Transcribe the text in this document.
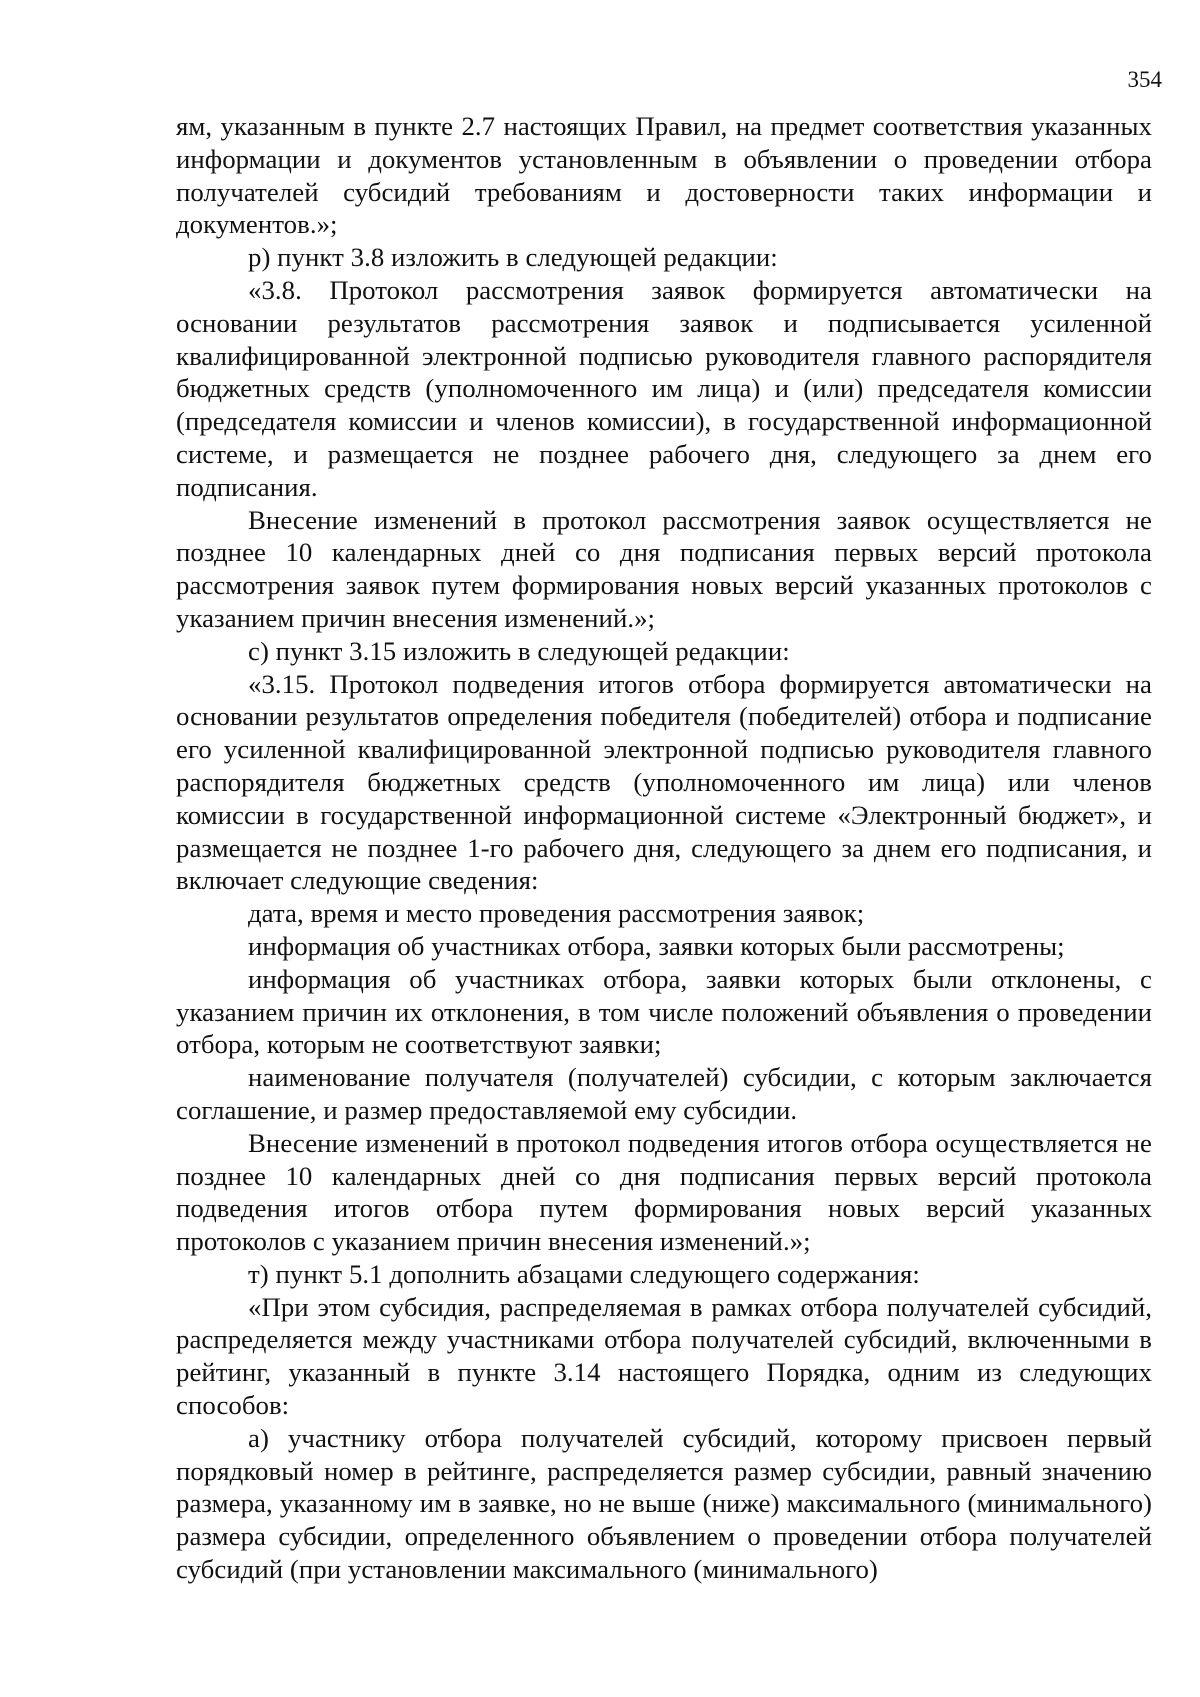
354

ям, указанным в пункте 2.7 настоящих Правил, на предмет соответствия указанных информации и документов установленным в объявлении о проведении отбора получателей субсидий требованиям и достоверности таких информации и документов.»;

р) пункт 3.8 изложить в следующей редакции:

«3.8. Протокол рассмотрения заявок формируется автоматически на основании результатов рассмотрения заявок и подписывается усиленной квалифицированной электронной подписью руководителя главного распорядителя бюджетных средств (уполномоченного им лица) и (или) председателя комиссии (председателя комиссии и членов комиссии), в государственной информационной системе, и размещается не позднее рабочего дня, следующего за днем его подписания.

Внесение изменений в протокол рассмотрения заявок осуществляется не позднее 10 календарных дней со дня подписания первых версий протокола рассмотрения заявок путем формирования новых версий указанных протоколов с указанием причин внесения изменений.»;

с) пункт 3.15 изложить в следующей редакции:

«3.15. Протокол подведения итогов отбора формируется автоматически на основании результатов определения победителя (победителей) отбора и подписание его усиленной квалифицированной электронной подписью руководителя главного распорядителя бюджетных средств (уполномоченного им лица) или членов комиссии в государственной информационной системе «Электронный бюджет», и размещается не позднее 1-го рабочего дня, следующего за днем его подписания, и включает следующие сведения:

дата, время и место проведения рассмотрения заявок;

информация об участниках отбора, заявки которых были рассмотрены;

информация об участниках отбора, заявки которых были отклонены, с указанием причин их отклонения, в том числе положений объявления о проведении отбора, которым не соответствуют заявки;

наименование получателя (получателей) субсидии, с которым заключается соглашение, и размер предоставляемой ему субсидии.

Внесение изменений в протокол подведения итогов отбора осуществляется не позднее 10 календарных дней со дня подписания первых версий протокола подведения итогов отбора путем формирования новых версий указанных протоколов с указанием причин внесения изменений.»;

т) пункт 5.1 дополнить абзацами следующего содержания:

«При этом субсидия, распределяемая в рамках отбора получателей субсидий, распределяется между участниками отбора получателей субсидий, включенными в рейтинг, указанный в пункте 3.14 настоящего Порядка, одним из следующих способов:

а) участнику отбора получателей субсидий, которому присвоен первый порядковый номер в рейтинге, распределяется размер субсидии, равный значению размера, указанному им в заявке, но не выше (ниже) максимального (минимального) размера субсидии, определенного объявлением о проведении отбора получателей субсидий (при установлении максимального (минимального)
